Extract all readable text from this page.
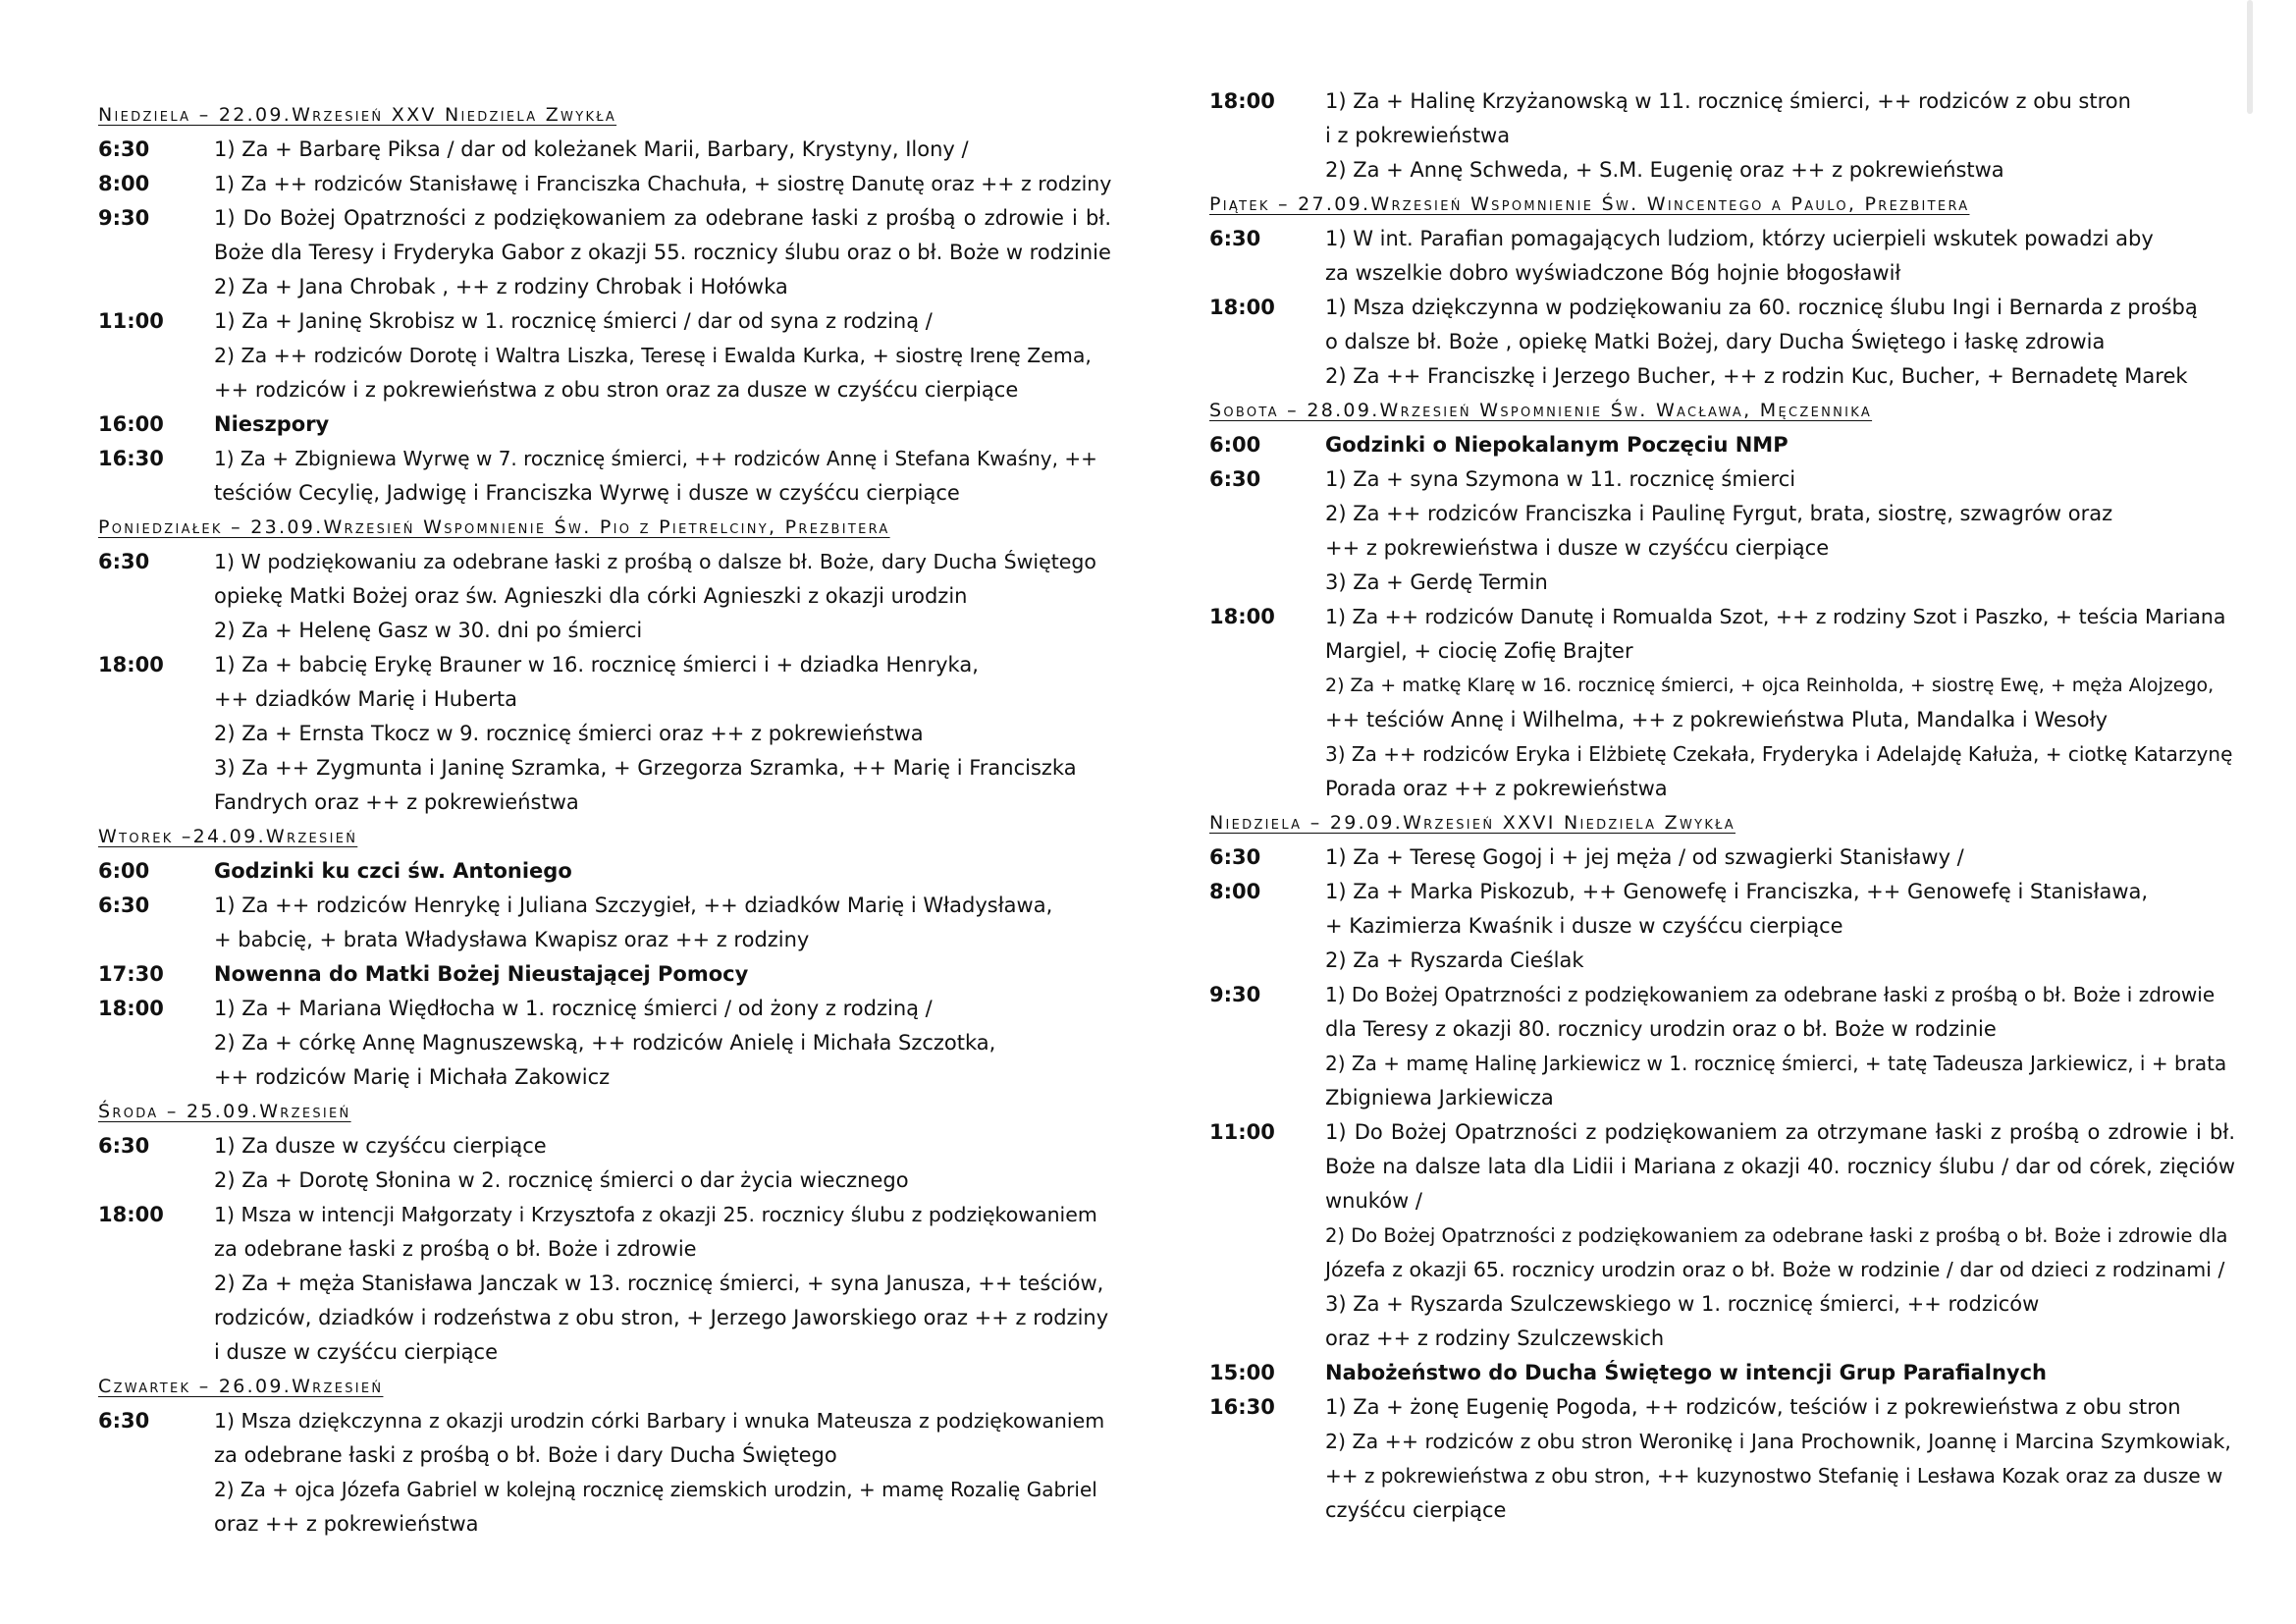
Niedziela – 22.09.Wrzesień XXV Niedziela Zwykła
6:30	1) Za + Barbarę Piksa / dar od koleżanek Marii, Barbary, Krystyny, Ilony /
8:00	1) Za ++ rodziców Stanisławę i Franciszka Chachuła, + siostrę Danutę oraz ++ z rodziny
9:30	1) Do Bożej Opatrzności z podziękowaniem za odebrane łaski z prośbą o zdrowie i bł.
Boże dla Teresy i Fryderyka Gabor z okazji 55. rocznicy ślubu oraz o bł. Boże w rodzinie
2) Za + Jana Chrobak , ++ z rodziny Chrobak i Hołówka
11:00	1) Za + Janinę Skrobisz w 1. rocznicę śmierci / dar od syna z rodziną /
2) Za ++ rodziców Dorotę i Waltra Liszka, Teresę i Ewalda Kurka, + siostrę Irenę Zema,
++ rodziców i z pokrewieństwa z obu stron oraz za dusze w czyśćcu cierpiące
16:00	Nieszpory
16:30	1) Za + Zbigniewa Wyrwę w 7. rocznicę śmierci, ++ rodziców Annę i Stefana Kwaśny, ++
teściów Cecylię, Jadwigę i Franciszka Wyrwę i dusze w czyśćcu cierpiące
Poniedziałek – 23.09.Wrzesień Wspomnienie Św. Pio z Pietrelciny, Prezbitera
6:30	1) W podziękowaniu za odebrane łaski z prośbą o dalsze bł. Boże, dary Ducha Świętego
opiekę Matki Bożej oraz św. Agnieszki dla córki Agnieszki z okazji urodzin
2) Za + Helenę Gasz w 30. dni po śmierci
18:00	1) Za + babcię Erykę Brauner w 16. rocznicę śmierci i + dziadka Henryka,
++ dziadków Marię i Huberta
2) Za + Ernsta Tkocz w 9. rocznicę śmierci oraz ++ z pokrewieństwa
3) Za ++ Zygmunta i Janinę Szramka, + Grzegorza Szramka, ++ Marię i Franciszka
Fandrych oraz ++ z pokrewieństwa
Wtorek –24.09.Wrzesień
6:00	Godzinki ku czci św. Antoniego
6:30	1) Za ++ rodziców Henrykę i Juliana Szczygieł, ++ dziadków Marię i Władysława,
+ babcię, + brata Władysława Kwapisz oraz ++ z rodziny
17:30	Nowenna do Matki Bożej Nieustającej Pomocy
18:00	1) Za + Mariana Więdłocha w 1. rocznicę śmierci / od żony z rodziną /
2) Za + córkę Annę Magnuszewską, ++ rodziców Anielę i Michała Szczotka,
++ rodziców Marię i Michała Zakowicz
Środa – 25.09.Wrzesień
6:30	1) Za dusze w czyśćcu cierpiące
2) Za + Dorotę Słonina w 2. rocznicę śmierci o dar życia wiecznego
18:00	1) Msza w intencji Małgorzaty i Krzysztofa z okazji 25. rocznicy ślubu z podziękowaniem
za odebrane łaski z prośbą o bł. Boże i zdrowie
2) Za + męża Stanisława Janczak w 13. rocznicę śmierci, + syna Janusza, ++ teściów,
rodziców, dziadków i rodzeństwa z obu stron, + Jerzego Jaworskiego oraz ++ z rodziny
i dusze w czyśćcu cierpiące
Czwartek – 26.09.Wrzesień
6:30	1) Msza dziękczynna z okazji urodzin córki Barbary i wnuka Mateusza z podziękowaniem
za odebrane łaski z prośbą o bł. Boże i dary Ducha Świętego
2) Za + ojca Józefa Gabriel w kolejną rocznicę ziemskich urodzin, + mamę Rozalię Gabriel
oraz ++ z pokrewieństwa
18:00	1) Za + Halinę Krzyżanowską w 11. rocznicę śmierci, ++ rodziców z obu stron
i z pokrewieństwa
2) Za + Annę Schweda, + S.M. Eugenię oraz ++ z pokrewieństwa
Piątek – 27.09.Wrzesień Wspomnienie Św. Wincentego a Paulo, Prezbitera
6:30	1) W int. Parafian pomagających ludziom, którzy ucierpieli wskutek powadzi aby
za wszelkie dobro wyświadczone Bóg hojnie błogosławił
18:00	1) Msza dziękczynna w podziękowaniu za 60. rocznicę ślubu Ingi i Bernarda z prośbą
o dalsze bł. Boże , opiekę Matki Bożej, dary Ducha Świętego i łaskę zdrowia
2) Za ++ Franciszkę i Jerzego Bucher, ++ z rodzin Kuc, Bucher, + Bernadetę Marek
Sobota – 28.09.Wrzesień Wspomnienie Św. Wacława, Męczennika
6:00	Godzinki o Niepokalanym Poczęciu NMP
6:30	1) Za + syna Szymona w 11. rocznicę śmierci
2) Za ++ rodziców Franciszka i Paulinę Fyrgut, brata, siostrę, szwagrów oraz
++ z pokrewieństwa i dusze w czyśćcu cierpiące
3) Za + Gerdę Termin
18:00	1) Za ++ rodziców Danutę i Romualda Szot, ++ z rodziny Szot i Paszko, + teścia Mariana
Margiel, + ciocię Zofię Brajter
2) Za + matkę Klarę w 16. rocznicę śmierci, + ojca Reinholda, + siostrę Ewę, + męża Alojzego,
++ teściów Annę i Wilhelma, ++ z pokrewieństwa Pluta, Mandalka i Wesoły
3) Za ++ rodziców Eryka i Elżbietę Czekała, Fryderyka i Adelajdę Kałuża, + ciotkę Katarzynę
Porada oraz ++ z pokrewieństwa
Niedziela – 29.09.Wrzesień XXVI Niedziela Zwykła
6:30	1) Za + Teresę Gogoj i + jej męża / od szwagierki Stanisławy /
8:00	1) Za + Marka Piskozub, ++ Genowefę i Franciszka, ++ Genowefę i Stanisława,
+ Kazimierza Kwaśnik i dusze w czyśćcu cierpiące
2) Za + Ryszarda Cieślak
9:30	1) Do Bożej Opatrzności z podziękowaniem za odebrane łaski z prośbą o bł. Boże i zdrowie
dla Teresy z okazji 80. rocznicy urodzin oraz o bł. Boże w rodzinie
2) Za + mamę Halinę Jarkiewicz w 1. rocznicę śmierci, + tatę Tadeusza Jarkiewicz, i + brata
Zbigniewa Jarkiewicza
11:00	1) Do Bożej Opatrzności z podziękowaniem za otrzymane łaski z prośbą o zdrowie i bł.
Boże na dalsze lata dla Lidii i Mariana z okazji 40. rocznicy ślubu / dar od córek, zięciów
wnuków /
2) Do Bożej Opatrzności z podziękowaniem za odebrane łaski z prośbą o bł. Boże i zdrowie dla
Józefa z okazji 65. rocznicy urodzin oraz o bł. Boże w rodzinie / dar od dzieci z rodzinami /
3) Za + Ryszarda Szulczewskiego w 1. rocznicę śmierci, ++ rodziców
oraz ++ z rodziny Szulczewskich
15:00	Nabożeństwo do Ducha Świętego w intencji Grup Parafialnych
16:30	1) Za + żonę Eugenię Pogoda, ++ rodziców, teściów i z pokrewieństwa z obu stron
2) Za ++ rodziców z obu stron Weronikę i Jana Prochownik, Joannę i Marcina Szymkowiak,
++ z pokrewieństwa z obu stron, ++ kuzynostwo Stefanię i Lesława Kozak oraz za dusze w
czyśćcu cierpiące
